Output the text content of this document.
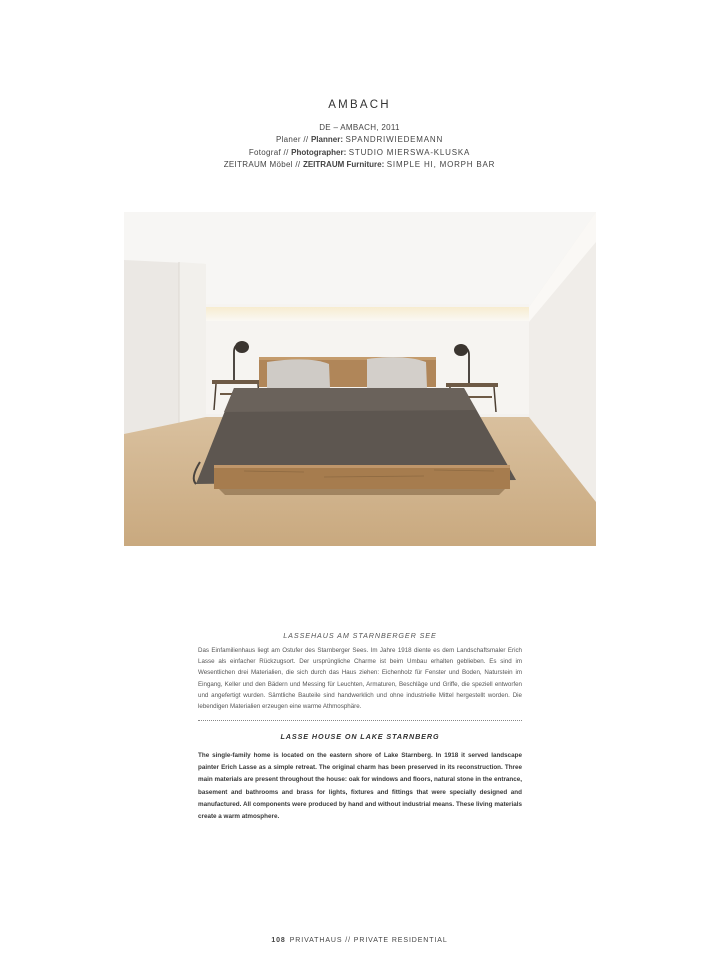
AMBACH
DE – AMBACH, 2011
Planer // Planner: SPANDRIWIEDEMANN
Fotograf // Photographer: STUDIO MIERSWA-KLUSKA
ZEITRAUM Möbel // ZEITRAUM Furniture: SIMPLE HI, MORPH BAR
LASSEHAUS AM STARNBERGER SEE
Das Einfamilienhaus liegt am Ostufer des Starnberger Sees. Im Jahre 1918 diente es dem Landschaftsmaler Erich Lasse als einfacher Rückzugsort. Der ursprüngliche Charme ist beim Umbau erhalten geblieben. Es sind im Wesentlichen drei Materialien, die sich durch das Haus ziehen: Eichenholz für Fenster und Boden, Naturstein im Eingang, Keller und den Bädern und Messing für Leuchten, Armaturen, Beschläge und Griffe, die speziell entworfen und angefertigt wurden. Sämtliche Bauteile sind handwerklich und ohne industrielle Mittel hergestellt worden. Die lebendigen Materialien erzeugen eine warme Athmosphäre.
LASSE HOUSE ON LAKE STARNBERG
The single-family home is located on the eastern shore of Lake Starnberg. In 1918 it served landscape painter Erich Lasse as a simple retreat. The original charm has been preserved in its reconstruction. Three main materials are present throughout the house: oak for windows and floors, natural stone in the entrance, basement and bathrooms and brass for lights, fixtures and fittings that were specially designed and manufactured. All components were produced by hand and without industrial means. These living materials create a warm atmosphere.
108 PRIVATHAUS // PRIVATE RESIDENTIAL
